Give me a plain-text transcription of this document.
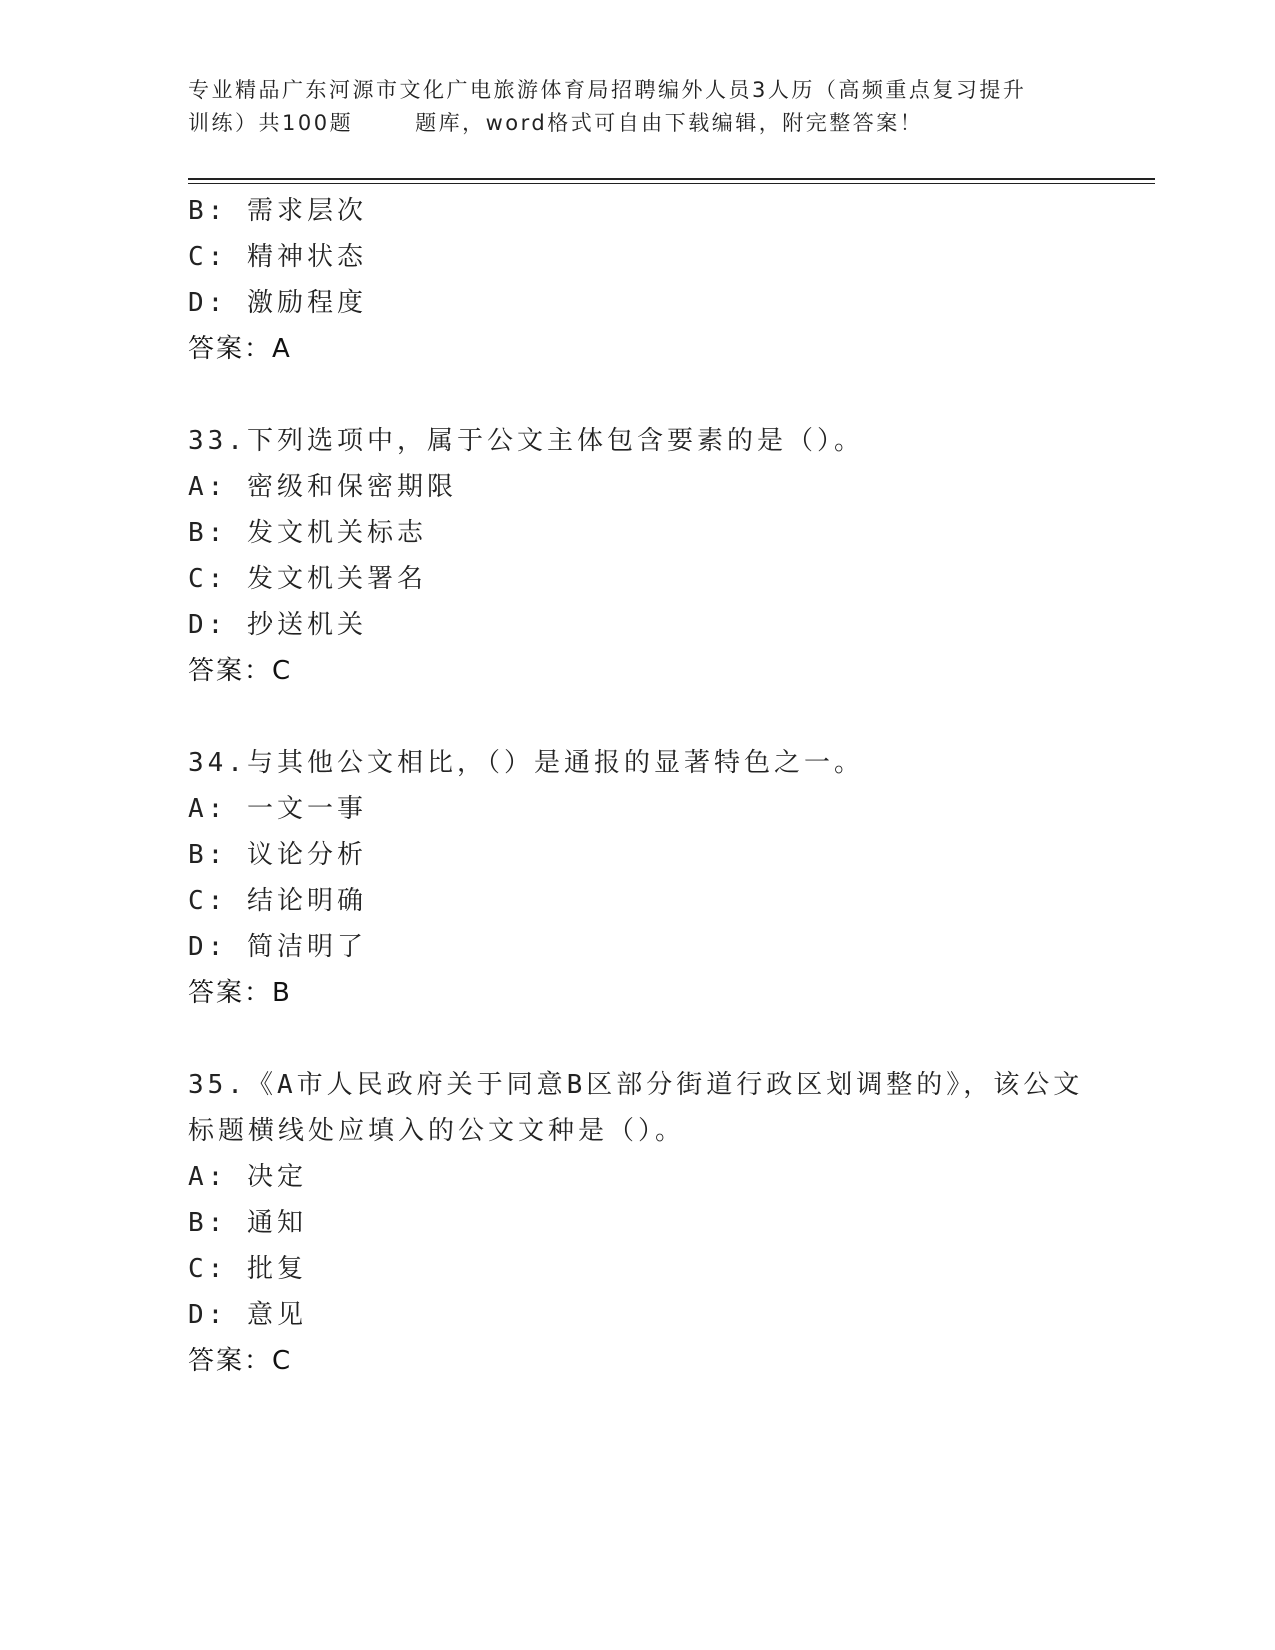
专业精品广东河源市文化广电旅游体育局招聘编外人员3人历（高频重点复习提升
训练）共100题	题库，word格式可自由下载编辑，附完整答案！
B: 需求层次
C: 精神状态
D: 激励程度
答案：A
33.下列选项中，属于公文主体包含要素的是（）。
A: 密级和保密期限
B: 发文机关标志
C: 发文机关署名
D: 抄送机关
答案：C
34.与其他公文相比，（）是通报的显著特色之一。
A: 一文一事
B: 议论分析
C: 结论明确
D: 简洁明了
答案：B
35.《A市人民政府关于同意B区部分街道行政区划调整的》，该公文
标题横线处应填入的公文文种是（）。
A: 决定
B: 通知
C: 批复
D: 意见
答案：C
